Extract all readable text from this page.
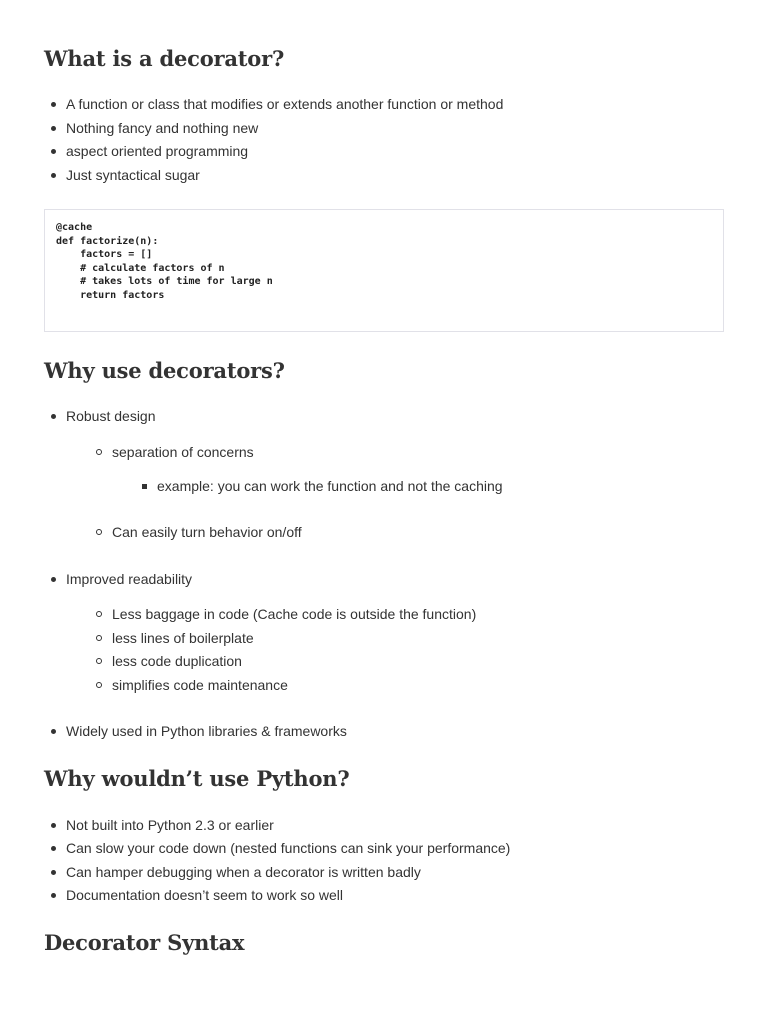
What is a decorator?
A function or class that modifies or extends another function or method
Nothing fancy and nothing new
aspect oriented programming
Just syntactical sugar
@cache
def factorize(n):
factors = []
# calculate factors of n
# takes lots of time for large n
return factors
Why use decorators?
Robust design
separation of concerns
example: you can work the function and not the caching
Can easily turn behavior on/off
Improved readability
Less baggage in code (Cache code is outside the function)
less lines of boilerplate
less code duplication
simplifies code maintenance
Widely used in Python libraries & frameworks
Why wouldn’t use Python?
Not built into Python 2.3 or earlier
Can slow your code down (nested functions can sink your performance)
Can hamper debugging when a decorator is written badly
Documentation doesn’t seem to work so well
Decorator Syntax
